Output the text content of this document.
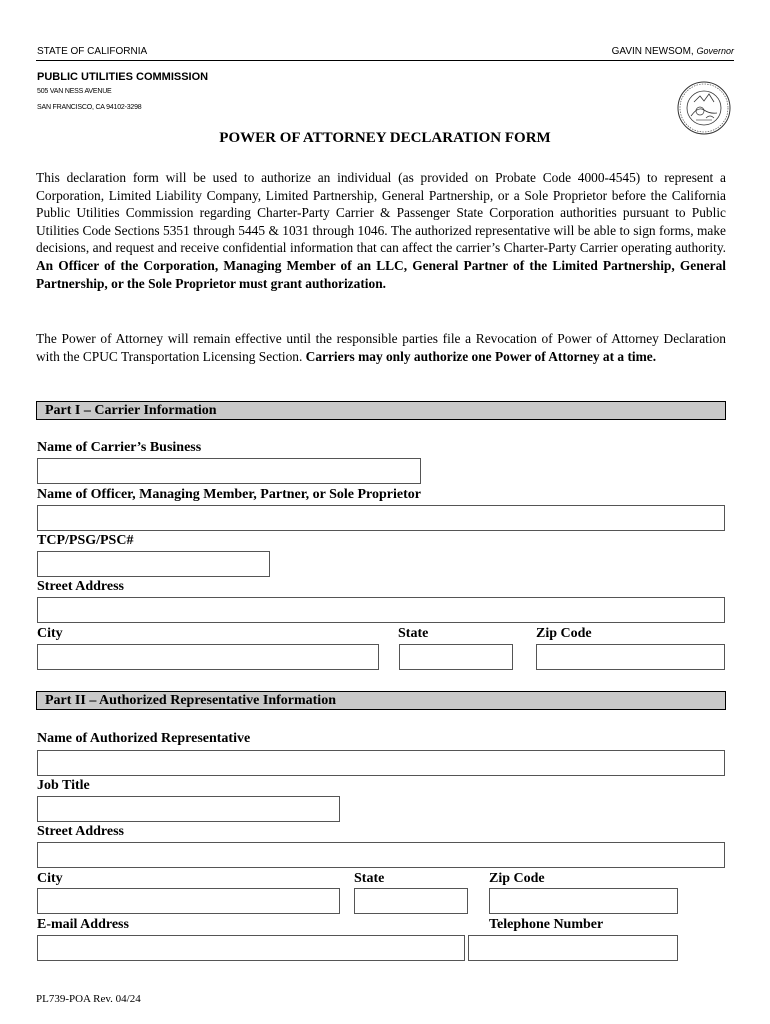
STATE OF CALIFORNIA	GAVIN NEWSOM, Governor
PUBLIC UTILITIES COMMISSION
505 VAN NESS AVENUE
SAN FRANCISCO, CA 94102-3298
POWER OF ATTORNEY DECLARATION FORM

This declaration form will be used to authorize an individual (as provided on Probate Code 4000-4545) to represent a Corporation, Limited Liability Company, Limited Partnership, General Partnership, or a Sole Proprietor before the California Public Utilities Commission regarding Charter-Party Carrier & Passenger State Corporation authorities pursuant to Public Utilities Code Sections 5351 through 5445 & 1031 through 1046. The authorized representative will be able to sign forms, make decisions, and request and receive confidential information that can affect the carrier’s Charter-Party Carrier operating authority. An Officer of the Corporation, Managing Member of an LLC, General Partner of the Limited Partnership, General Partnership, or the Sole Proprietor must grant authorization.

The Power of Attorney will remain effective until the responsible parties file a Revocation of Power of Attorney Declaration with the CPUC Transportation Licensing Section. Carriers may only authorize one Power of Attorney at a time.

Part I – Carrier Information
Name of Carrier’s Business
Name of Officer, Managing Member, Partner, or Sole Proprietor
TCP/PSG/PSC#
Street Address
City	State	Zip Code
Part II – Authorized Representative Information
Name of Authorized Representative
Job Title
Street Address
City	State	Zip Code
E-mail Address	Telephone Number
PL739-POA Rev. 04/24
